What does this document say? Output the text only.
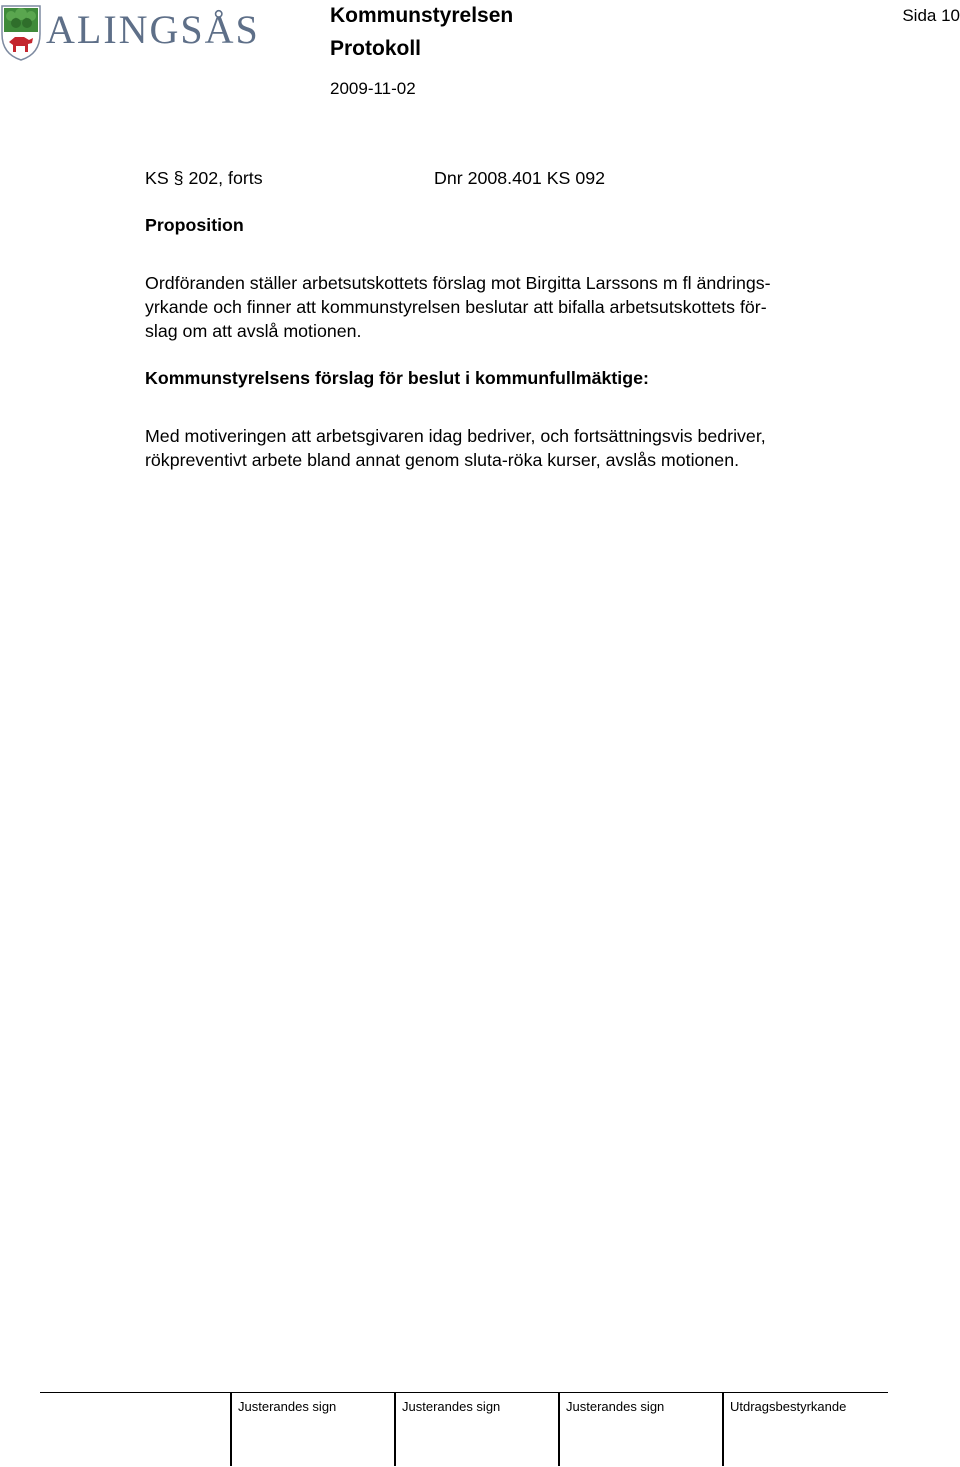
ALINGSÅS	Kommunstyrelsen
Protokoll
2009-11-02
Sida 10
KS § 202, forts	Dnr 2008.401 KS 092
Proposition
Ordföranden ställer arbetsutskottets förslag mot Birgitta Larssons m fl ändrings-
yrkande och finner att kommunstyrelsen beslutar att bifalla arbetsutskottets för-
slag om att avslå motionen.
Kommunstyrelsens förslag för beslut i kommunfullmäktige:
Med motiveringen att arbetsgivaren idag bedriver, och fortsättningsvis bedriver,
rökpreventivt arbete bland annat genom sluta-röka kurser, avslås motionen.
Justerandes sign	Justerandes sign	Justerandes sign	Utdragsbestyrkande
